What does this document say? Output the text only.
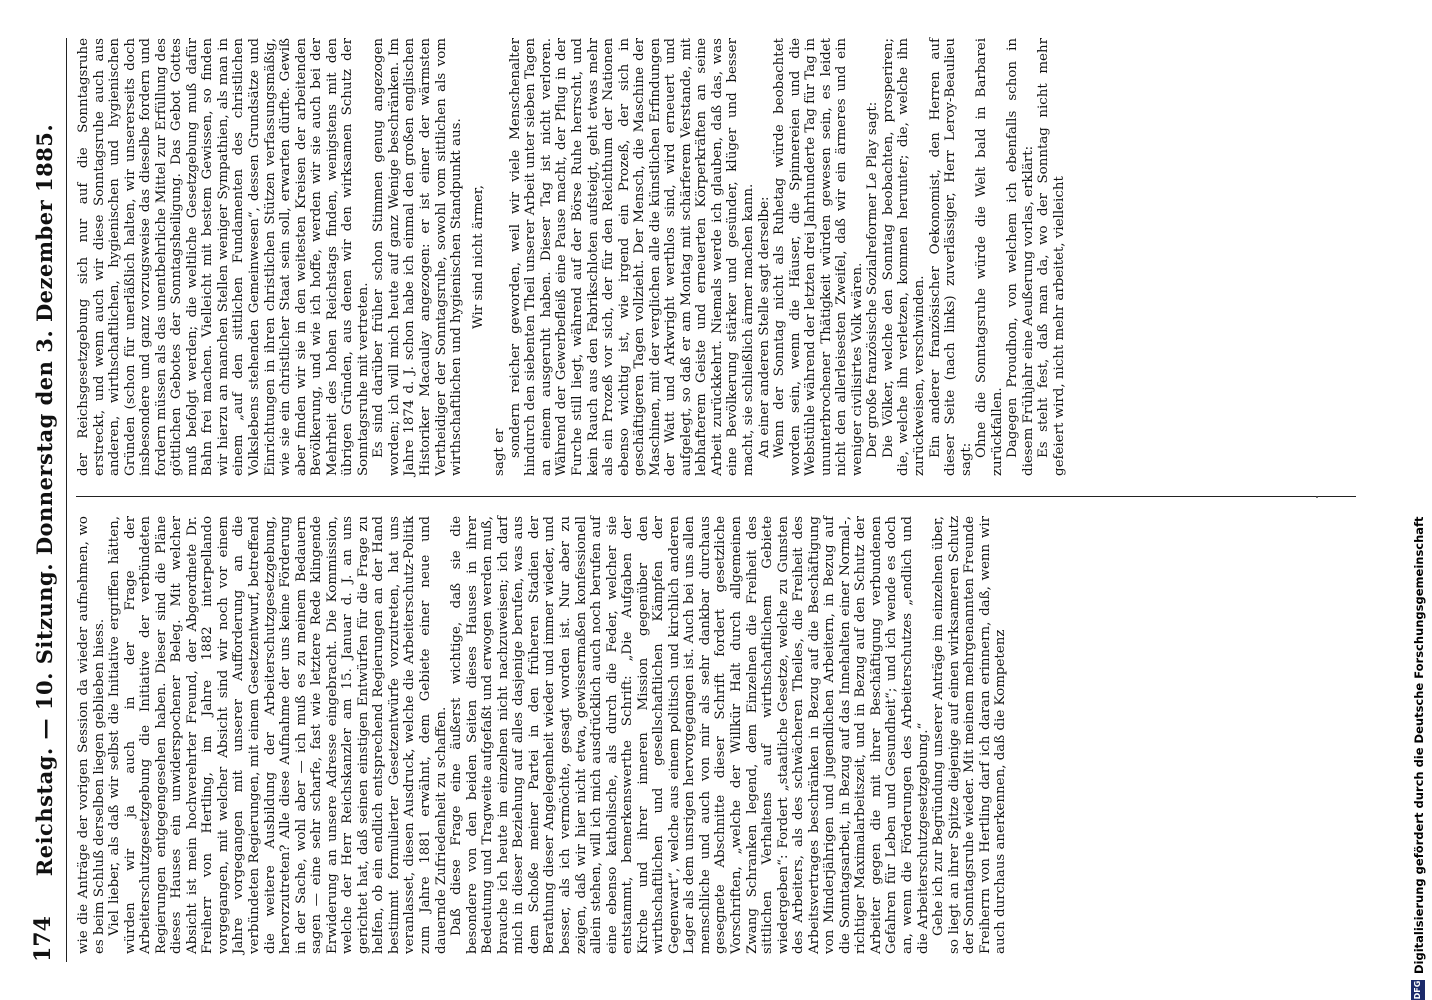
174
Reichstag. — 10. Sitzung. Donnerstag den 3. Dezember 1885. wie die Anträge der vorigen Session da wieder aufnehmen, wo es beim Schluß derselben liegen geblieben hiess. Viel lieber, als daß wir selbst die Initiative ergriffen hätten, würden wir ja auch in der Frage der Arbeiterschutzgesetzgebung die Initiative der verbündeten Regierungen entgegengesehen haben. Dieser sind die Pläne dieses Hauses ein unwiderspochener Beleg. Mit welcher Absicht ist mein hochverehrter Freund, der Abgeordnete Dr. Freiherr von Hertling, im Jahre 1882 interpellando vorgegangen, mit welcher Absicht sind wir noch vor einem Jahre vorgegangen mit unserer Aufforderung an die verbündeten Regierungen, mit einem Gesetzentwurf, betreffend die weitere Ausbildung der Arbeiterschutzgesetzgebung, hervorzutreten? Alle diese Aufnahme der uns keine Förderung in der Sache, wohl aber — ich muß es zu meinem Bedauern sagen — eine sehr scharfe, fast wie letztere Rede klingende Erwiderung an unsere Adresse eingebracht. Die Kommission, welche der Herr Reichskanzler am 15. Januar d. J. an uns gerichtet hat, daß seinen einstigen Entwürfen für die Frage zu helfen, ob ein endlich entsprechend Regierungen an der Hand bestimmt formulierter Gesetzentwürfe vorzutreten, hat uns veranlasset, diesen Ausdruck, welche die Arbeiterschutz-Politik zum Jahre 1881 erwähnt, dem Gebiete einer neue und dauernde Zufriedenheit zu schaffen. Daß diese Frage eine äußerst wichtige, daß sie die besondere von den beiden Seiten dieses Hauses in ihrer Bedeutung und Tragweite aufgefaßt und erwogen werden muß, brauche ich heute im einzelnen nicht nachzuweisen; ich darf mich in dieser Beziehung auf alles dasjenige berufen, was aus dem Schoße meiner Partei in den früheren Stadien der Berathung dieser Angelegenheit wieder und immer wieder, und besser, als ich vermöchte, gesagt worden ist. Nur aber zu zeigen, daß wir hier nicht etwa, gewissermaßen konfessionell allein stehen, will ich mich ausdrücklich auch noch berufen auf eine ebenso katholische, als durch die Feder, welcher sie entstammt, bemerkenswerthe Schrift: „Die Aufgaben der Kirche und ihrer inneren Mission gegenüber den wirthschaftlichen und gesellschaftlichen Kämpfen der Gegenwart“, welche aus einem politisch und kirchlich anderen Lager als dem unsrigen hervorgegangen ist. Auch bei uns allen menschliche und auch von mir als sehr dankbar durchaus gesegnete Abschnitte dieser Schrift fordert gesetzliche Vorschriften, „welche der Willkür Halt durch allgemeinen Zwang Schranken legend, dem Einzelnen die Freiheit des sittlichen Verhaltens auf wirthschaftlichem Gebiete wiedergeben“: Fordert „staatliche Gesetze, welche zu Gunsten des Arbeiters, als des schwächeren Theiles, die Freiheit des Arbeitsvertrages beschränken in Bezug auf die Beschäftigung von Minderjährigen und jugendlichen Arbeitern, in Bezug auf die Sonntagsarbeit, in Bezug auf das Innehalten einer Normal-, richtiger Maximalarbeitszeit, und in Bezug auf den Schutz der Arbeiter gegen die mit ihrer Beschäftigung verbundenen Gefahren für Leben und Gesundheit“; und ich wende es doch an, wenn die Förderungen des Arbeiterschutzes „endlich und die Arbeiterschutzgesetzgebung.“ Gehe ich zur Begründung unserer Anträge im einzelnen über, so liegt an ihrer Spitze diejenige auf einen wirksameren Schutz der Sonntagsruhe wieder. Mit meinem mehrgenannten Freunde Freiherrn von Hertling darf ich daran erinnern, daß, wenn wir auch durchaus anerkennen, daß die Kompetenz

der Reichsgesetzgebung sich nur auf die Sonntagsruhe erstreckt, und wenn auch wir diese Sonntagsruhe auch aus anderen, wirthschaftlichen, hygienischen und hygienischen Gründen (schon für unerläßlich halten, wir unsererseits doch insbesondere und ganz vorzugsweise das dieselbe fordern und fordern müssen als das unentbehrliche Mittel zur Erfüllung des göttlichen Gebotes der Sonntagsheiligung. Das Gebot Gottes muß befolgt werden; die weltliche Gesetzgebung muß dafür Bahn frei machen. Vielleicht mit bestem Gewissen, so finden wir hierzu an manchen Stellen weniger Sympathien, als man in einem „auf den sittlichen Fundamenten des christlichen Volkslebens stehenden Gemeinwesen“, dessen Grundsätze und Einrichtungen in ihren christlichen Stützen verfassungsmäßig, wie sie ein christlicher Staat sein soll, erwarten dürfte. Gewiß aber finden wir sie in den weitesten Kreisen der arbeitenden Bevölkerung, und wie ich hoffe, werden wir sie auch bei der Mehrheit des hohen Reichstags finden, wenigstens mit den übrigen Gründen, aus denen wir den wirksamen Schutz der Sonntagsruhe mit vertreten. Es sind darüber früher schon Stimmen genug angezogen worden; ich will mich heute auf ganz Wenige beschränken. Im Jahre 1874 d. J. schon habe ich einmal den großen englischen Historiker Macaulay angezogen: er ist einer der wärmsten Vertheidiger der Sonntagsruhe, sowohl vom sittlichen als vom wirthschaftlichen und hygienischen Standpunkt aus. Wir sind nicht ärmer,

sagt er sondern reicher geworden, weil wir viele Menschenalter hindurch den siebenten Theil unserer Arbeit unter sieben Tagen an einem ausgeruht haben. Dieser Tag ist nicht verloren. Während der Gewerbefleiß eine Pause macht, der Pflug in der Furche still liegt, während auf der Börse Ruhe herrscht, und kein Rauch aus den Fabrikschloten aufsteigt, geht etwas mehr als ein Prozeß vor sich, der für den Reichthum der Nationen ebenso wichtig ist, wie irgend ein Prozeß, der sich in geschäftigeren Tagen vollzieht. Der Mensch, die Maschine der Maschinen, mit der verglichen alle die künstlichen Erfindungen der Watt und Arkwright werthlos sind, wird erneuert und aufgelegt, so daß er am Montag mit schärferem Verstande, mit lebhafterem Geiste und erneuerten Körperkräften an seine Arbeit zurückkehrt. Niemals werde ich glauben, daß das, was eine Bevölkerung stärker und gesünder, klüger und besser macht, sie schließlich ärmer machen kann. An einer anderen Stelle sagt derselbe: Wenn der Sonntag nicht als Ruhetag würde beobachtet worden sein, wenn die Häuser, die Spinnereien und die Webstühle während der letzten drei Jahrhunderte Tag für Tag in ununterbrochener Thätigkeit würden gewesen sein, es leidet nicht den allerleisesten Zweifel, daß wir ein ärmeres und ein weniger civilisirtes Volk wären. Der große französische Sozialreformer Le Play sagt: Die Völker, welche den Sonntag beobachten, prosperiren; die, welche ihn verletzen, kommen herunter; die, welche ihn zurückweisen, verschwinden. Ein anderer französischer Oekonomist, den Herren auf dieser Seite (nach links) zuverlässiger, Herr Leroy-Beaulieu sagt:

Ohne die Sonntagsruhe würde die Welt bald in Barbarei zurückfallen. Dagegen Proudhon, von welchem ich ebenfalls schon in diesem Frühjahr eine Aeußerung vorlas, erklärt: Es steht fest, daß man da, wo der Sonntag nicht mehr gefeiert wird, nicht mehr arbeitet, vielleicht

DFG
Digitalisierung gefördert durch die Deutsche Forschungsgemeinschaft
